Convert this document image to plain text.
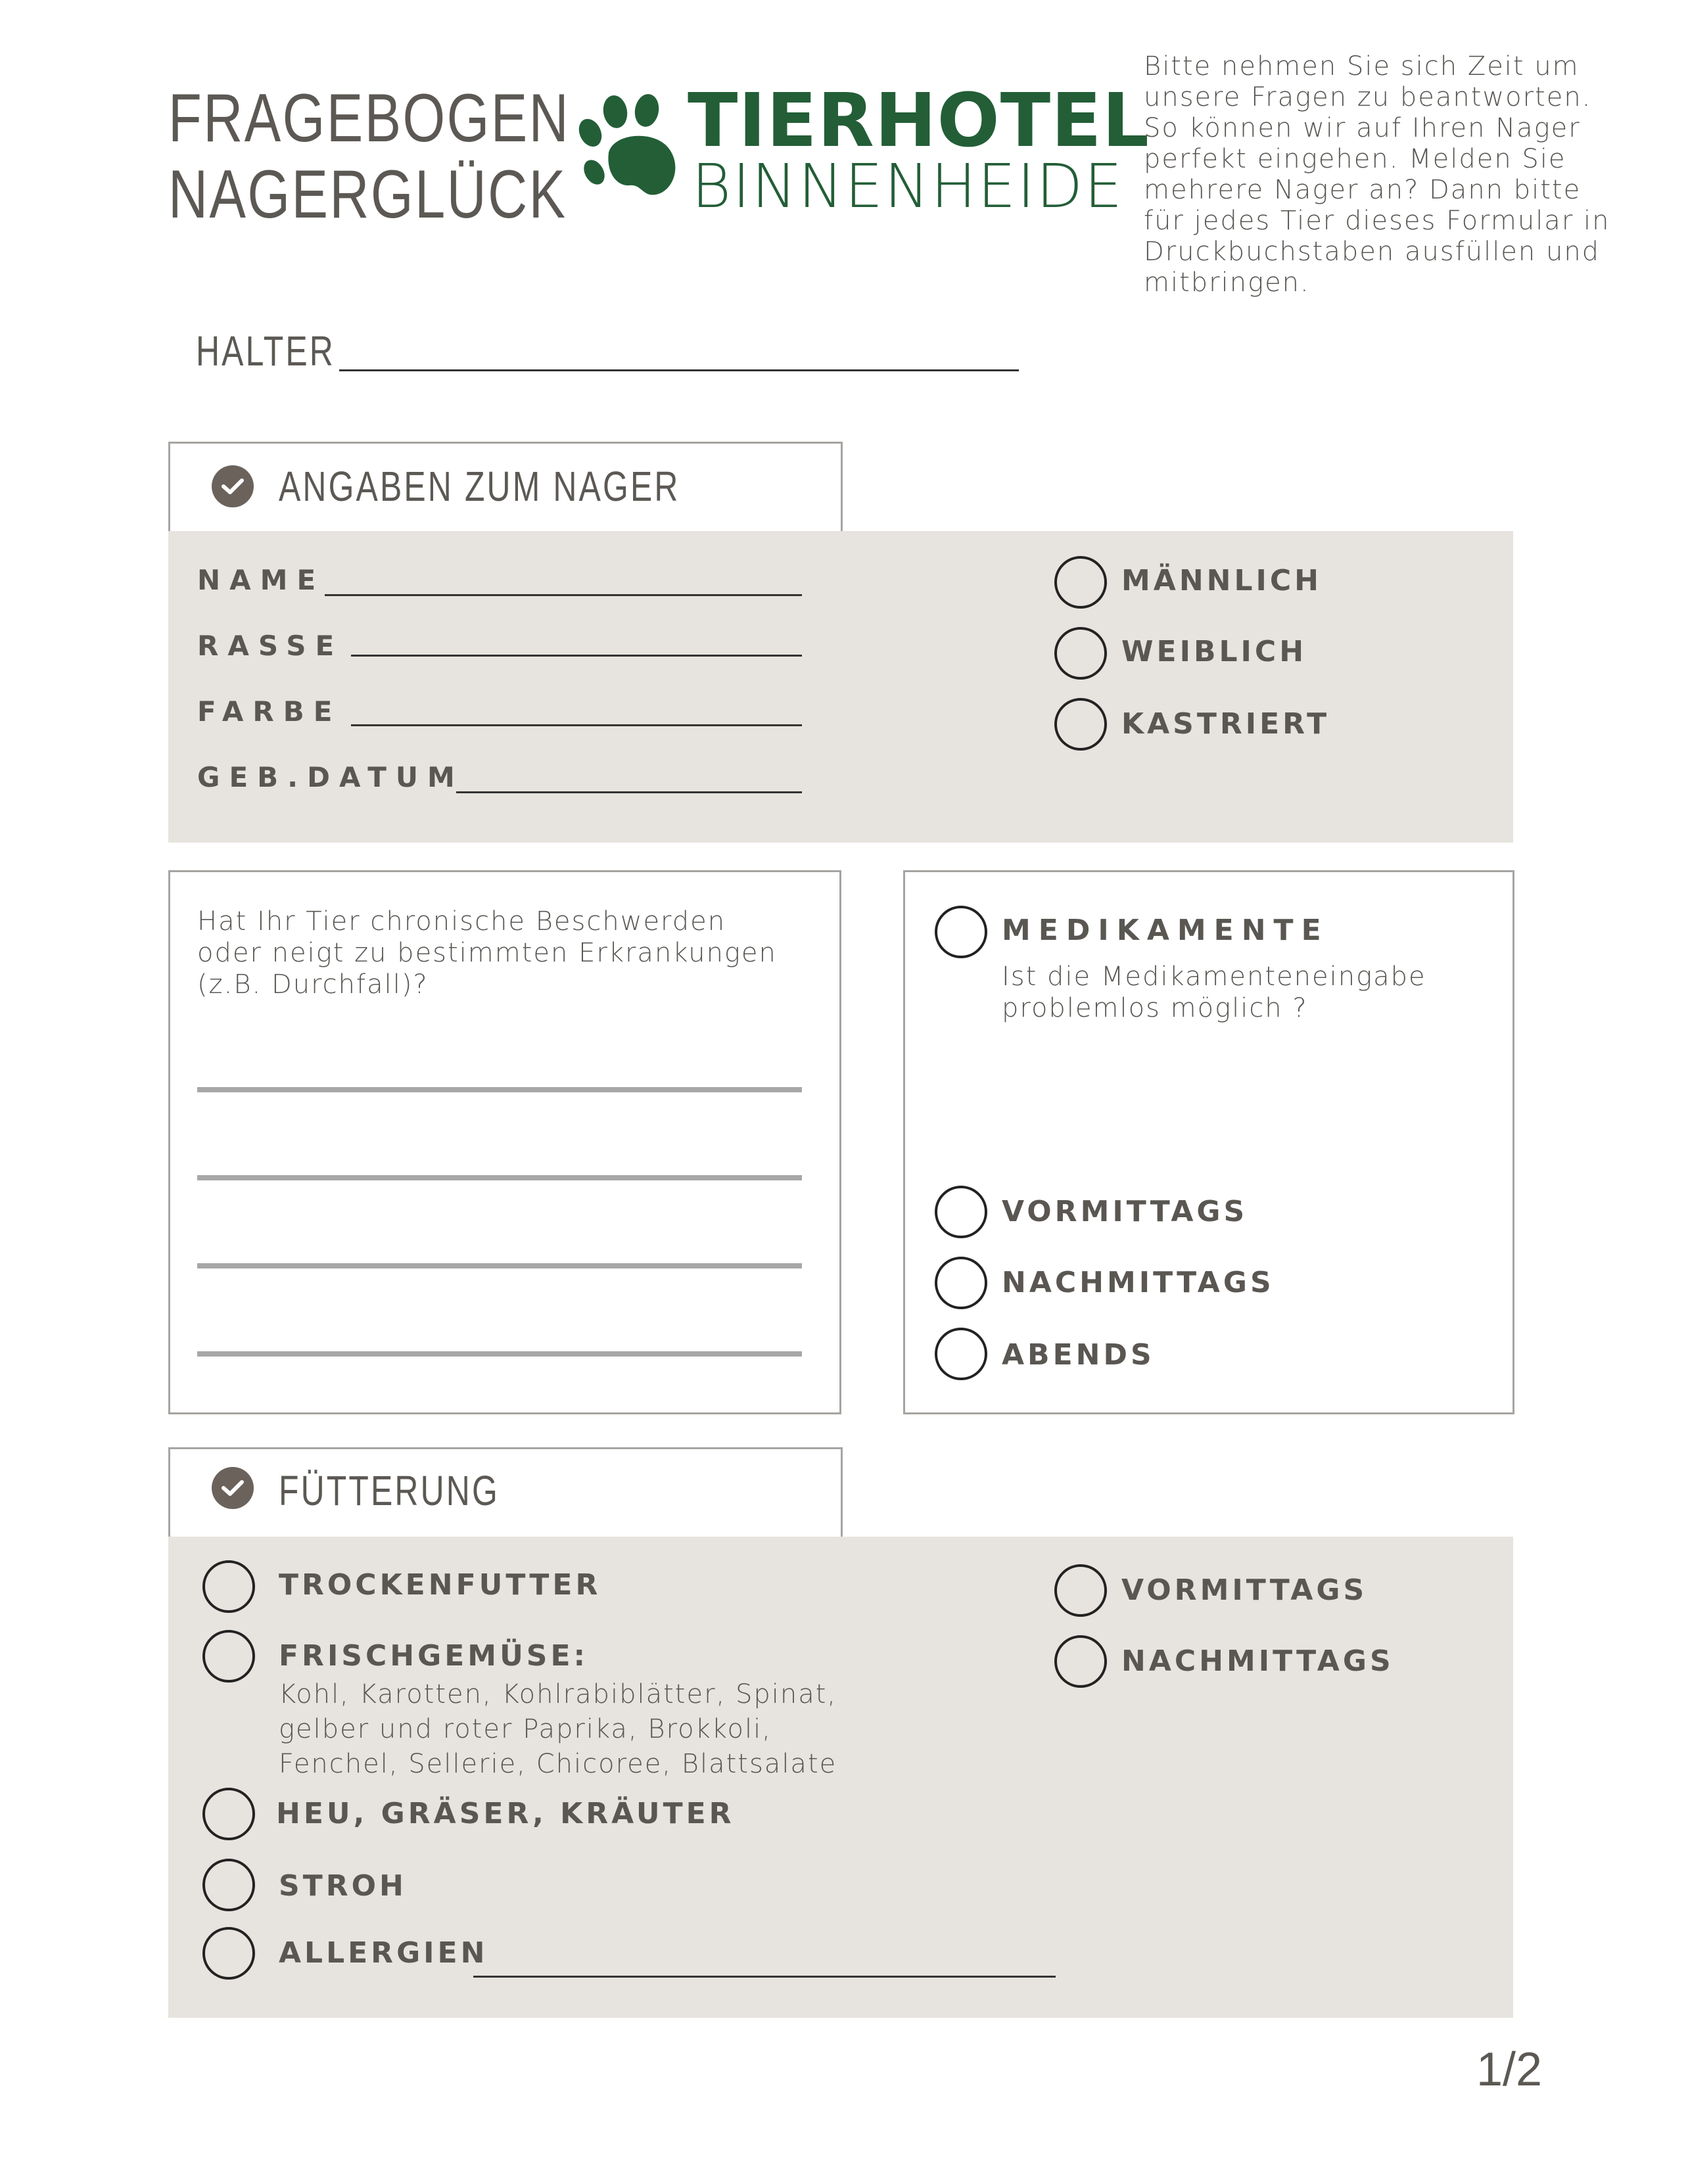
FRAGEBOGEN
NAGERGLÜCK
TIERHOTEL
BINNENHEIDE
Bitte nehmen Sie sich Zeit um
unsere Fragen zu beantworten.
So können wir auf Ihren Nager
perfekt eingehen. Melden Sie
mehrere Nager an? Dann bitte
für jedes Tier dieses Formular in
Druckbuchstaben ausfüllen und
mitbringen.
HALTER
ANGABEN ZUM NAGER
NAME
RASSE
FARBE
GEB.DATUM
MÄNNLICH
WEIBLICH
KASTRIERT
Hat Ihr Tier chronische Beschwerden
oder neigt zu bestimmten Erkrankungen
(z.B. Durchfall)?
MEDIKAMENTE
Ist die Medikamenteneingabe
problemlos möglich ?
VORMITTAGS
NACHMITTAGS
ABENDS
FÜTTERUNG
TROCKENFUTTER
FRISCHGEMÜSE:
Kohl, Karotten, Kohlrabiblätter, Spinat,
gelber und roter Paprika, Brokkoli,
Fenchel, Sellerie, Chicoree, Blattsalate
HEU, GRÄSER, KRÄUTER
STROH
ALLERGIEN
VORMITTAGS
NACHMITTAGS
1/2
